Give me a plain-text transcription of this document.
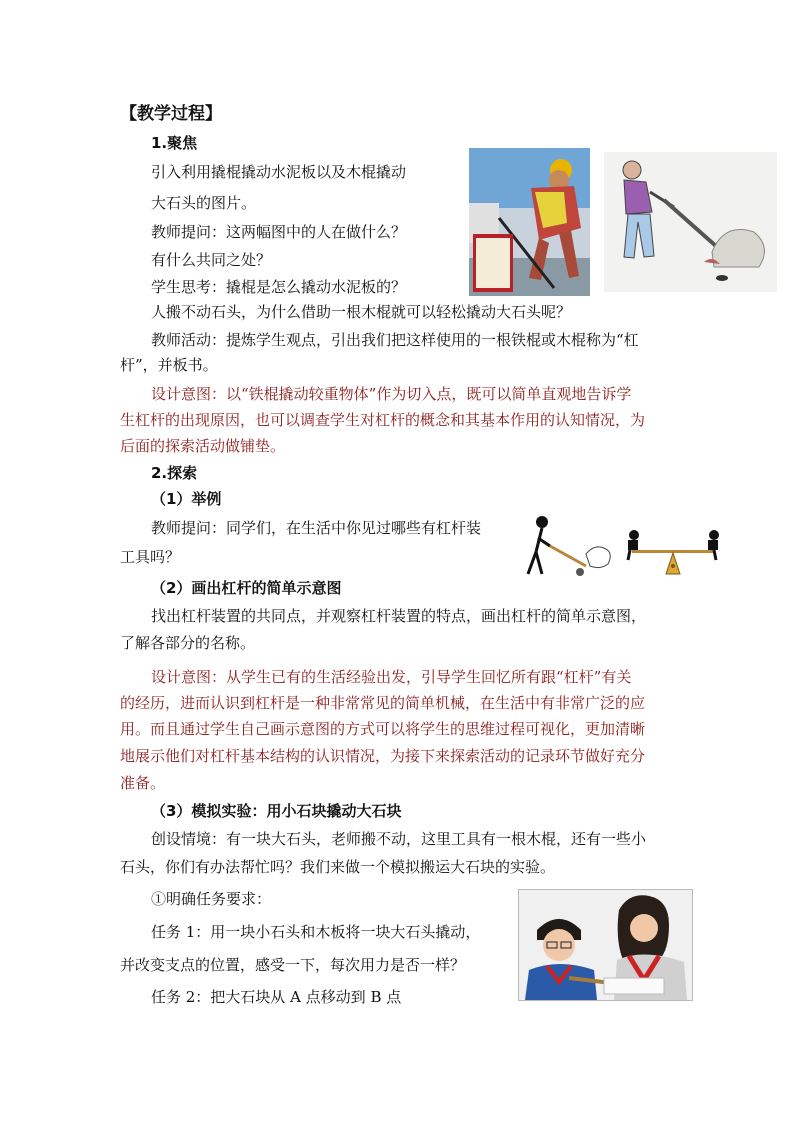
【教学过程】
1.聚焦
引入利用撬棍撬动水泥板以及木棍撬动
大石头的图片。
教师提问：这两幅图中的人在做什么？
有什么共同之处？
学生思考：撬棍是怎么撬动水泥板的？
人搬不动石头，为什么借助一根木棍就可以轻松撬动大石头呢？
教师活动：提炼学生观点，引出我们把这样使用的一根铁棍或木棍称为“杠
杆”，并板书。
设计意图：以“铁棍撬动较重物体”作为切入点，既可以简单直观地告诉学
生杠杆的出现原因，也可以调查学生对杠杆的概念和其基本作用的认知情况，为
后面的探索活动做铺垫。
2.探索
（1）举例
教师提问：同学们，在生活中你见过哪些有杠杆装
工具吗？
（2）画出杠杆的简单示意图
找出杠杆装置的共同点，并观察杠杆装置的特点，画出杠杆的简单示意图，
了解各部分的名称。
设计意图：从学生已有的生活经验出发，引导学生回忆所有跟“杠杆”有关
的经历，进而认识到杠杆是一种非常常见的简单机械，在生活中有非常广泛的应
用。而且通过学生自己画示意图的方式可以将学生的思维过程可视化，更加清晰
地展示他们对杠杆基本结构的认识情况，为接下来探索活动的记录环节做好充分
准备。
（3）模拟实验：用小石块撬动大石块
创设情境：有一块大石头，老师搬不动，这里工具有一根木棍，还有一些小
石头，你们有办法帮忙吗？我们来做一个模拟搬运大石块的实验。
①明确任务要求：
任务 1：用一块小石头和木板将一块大石头撬动，
并改变支点的位置，感受一下，每次用力是否一样？
任务 2：把大石块从 A 点移动到 B 点
